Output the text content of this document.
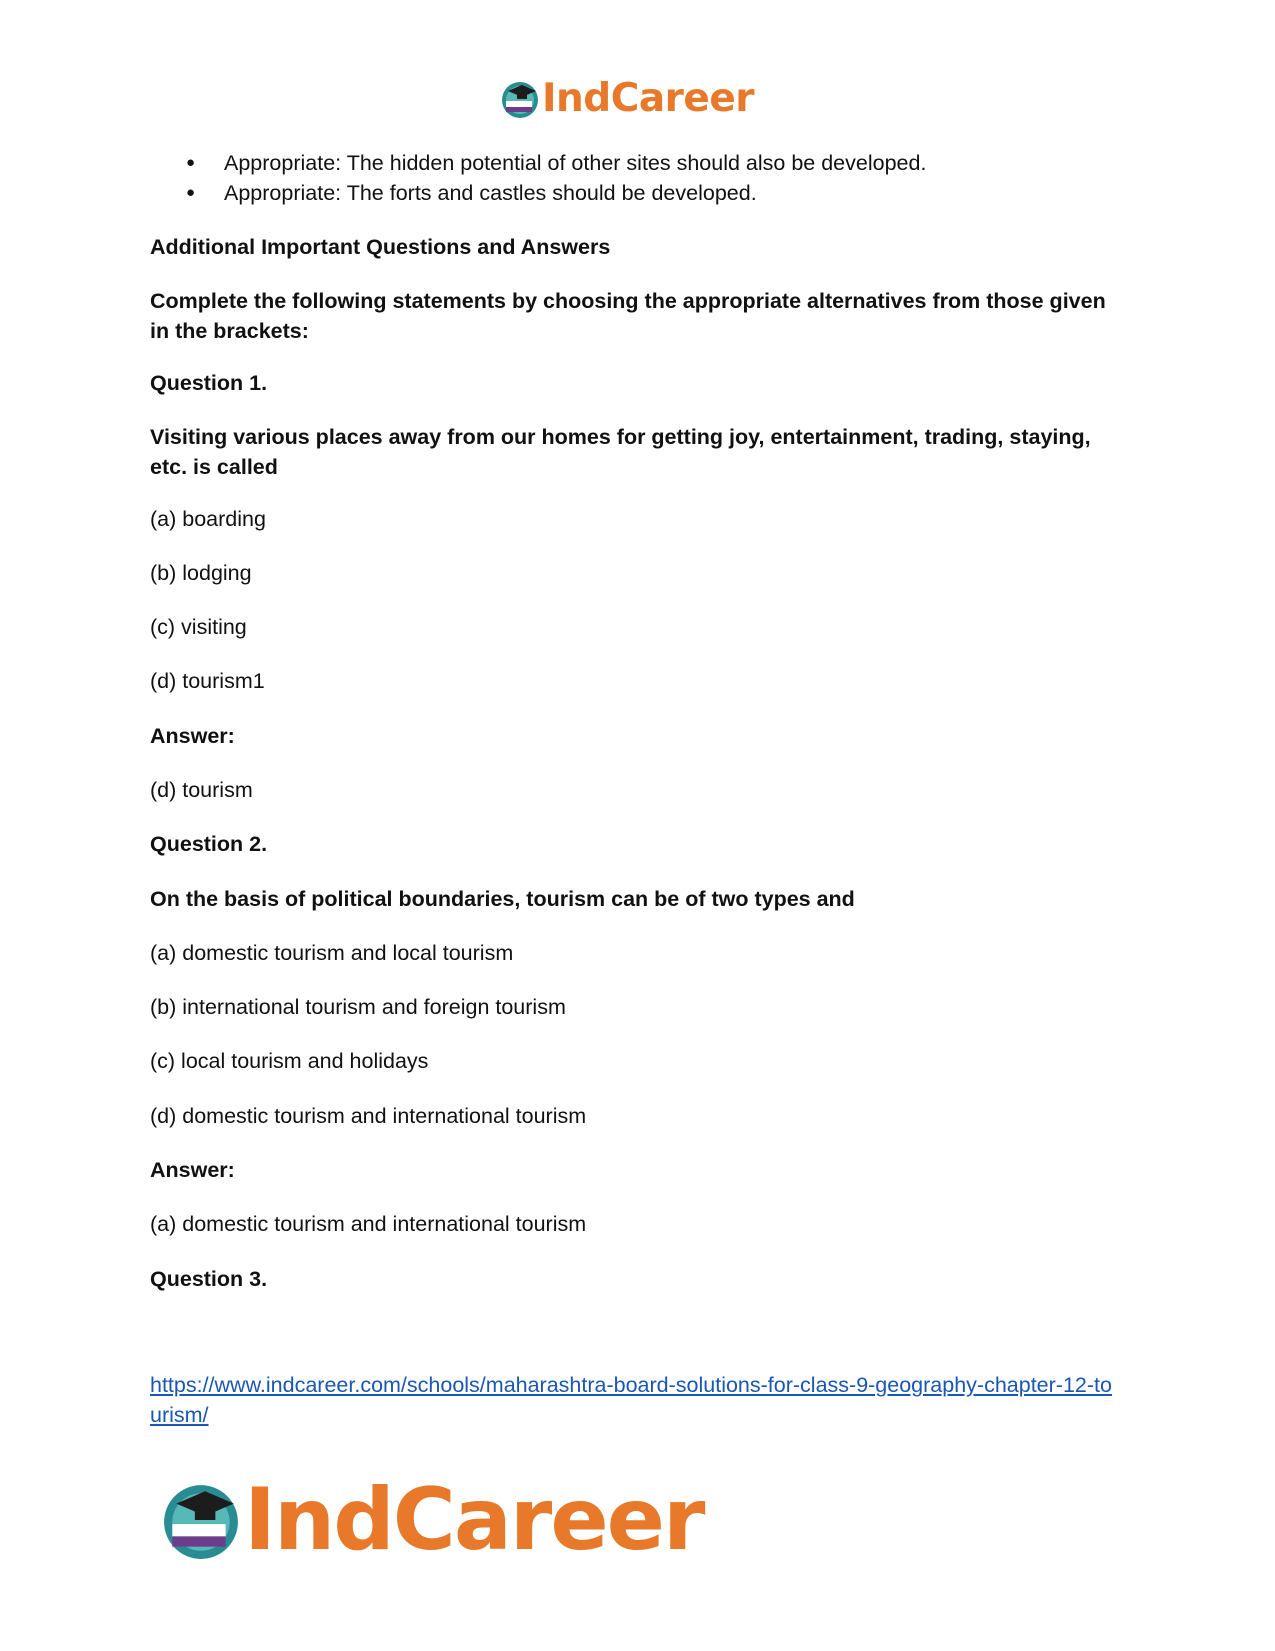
IndCareer
● Appropriate: The hidden potential of other sites should also be developed.
● Appropriate: The forts and castles should be developed.

Additional Important Questions and Answers

Complete the following statements by choosing the appropriate alternatives from those given in the brackets:

Question 1.

Visiting various places away from our homes for getting joy, entertainment, trading, staying, etc. is called

(a) boarding

(b) lodging

(c) visiting

(d) tourism1

Answer:

(d) tourism

Question 2.

On the basis of political boundaries, tourism can be of two types and

(a) domestic tourism and local tourism

(b) international tourism and foreign tourism

(c) local tourism and holidays

(d) domestic tourism and international tourism

Answer:

(a) domestic tourism and international tourism

Question 3.

https://www.indcareer.com/schools/maharashtra-board-solutions-for-class-9-geography-chapter-12-tourism/

IndCareer
